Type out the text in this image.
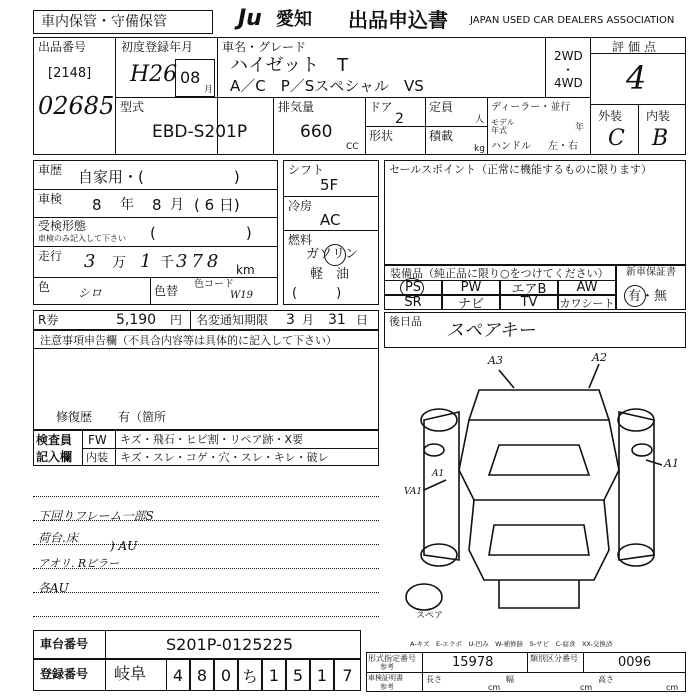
車内保管・守備保管	Ju 愛知 出品申込書 JAPAN USED CAR DEALERS ASSOCIATION
出品番号
[2148]
02685
初度登録年月
H26 08
月
車名・グレード
ハイゼット　T
A／C　P／Sスペシャル　VS
2WD
・
4WD
評価点
4
外装 内装
C B
型式
EBD-S201P
排気量
660
CC
ドア
2
定員
人
形状	積載
kg
ディーラー・並行
モデル年式	年
ハンドル 左・右
車歴 自家用・(　　　　　　)
車検 8 年 8 月 ( 6 日)
受検形態
車検のみ記入して下さい (　　　　　　)
走行 3 万 1 千 378 km
色 シロ	色替 色コード
W19
シフト
5F
冷房
AC
燃料
ガソリン
軽　油
(　　　)
セールスポイント（正常に機能するものに限ります）
装備品（純正品に限り○をつけてください）
PS	PW	エアB	AW
SR	ナビ	TV	カワシート
新車保証書
有・無
R券	5,190 円 名変通知期限 3 月 31 日 後日品 スペアキー
注意事項申告欄（不具合内容等は具体的に記入して下さい）
修復歴 有（箇所
検査員
記入欄
FW キズ・飛石・ヒビ割・リペア跡・X要
内装 キズ・スレ・コゲ・穴・スレ・キレ・破レ
下回りフレーム一部S
荷台.床
アオリ. Rピラー
各AU
) AU
A3	A2
A1
VA1
A1
スペア
A-キズ　E-エクボ　U-凹み　W-補修跡　S-サビ　C-腐食　XX-交換済
車台番号	S201P-0125225
登録番号 岐阜	4 8 0 ち 1 5 1 7
形式指定番号
参考	15978	類別区分番号	0096
車検証明書
参考
長さ
cm
幅
cm
高さ
cm
